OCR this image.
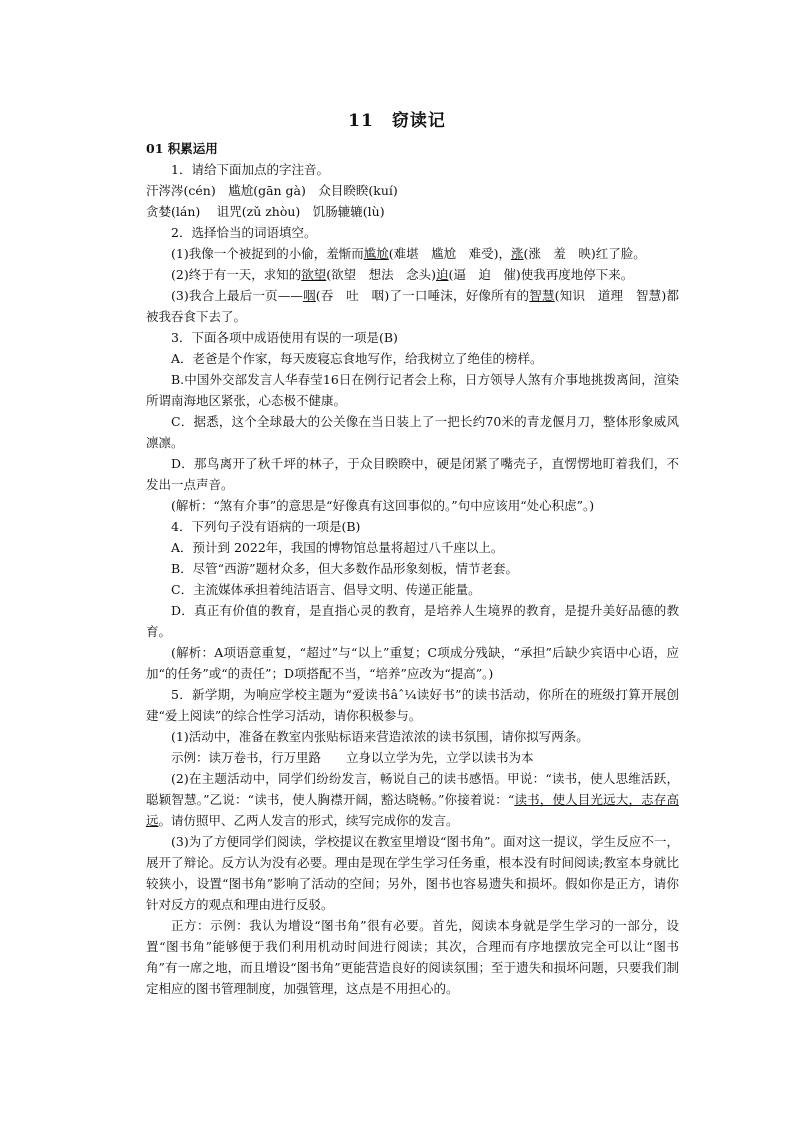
11　窃读记

01 积累运用

1．请给下面加点的字注音。

汗涔涔(cén)　尴尬(gān gà)　众目睽睽(kuí)

贪婪(lán)　 诅咒(zǔ zhòu)　饥肠辘辘(lù)

2．选择恰当的词语填空。

(1)我像一个被捉到的小偷，羞惭而尴尬(难堪　尴尬　难受)，涨(涨　羞　映)红了脸。

(2)终于有一天，求知的欲望(欲望　想法　念头)迫(逼　迫　催)使我再度地停下来。

(3)我合上最后一页——咽(吞　吐　咽)了一口唾沫，好像所有的智慧(知识　道理　智慧)都被我吞食下去了。

3．下面各项中成语使用有误的一项是(B)

A．老爸是个作家，每天废寝忘食地写作，给我树立了绝佳的榜样。

B.中国外交部发言人华春莹16日在例行记者会上称，日方领导人煞有介事地挑拨离间，渲染所谓南海地区紧张，心态极不健康。

C．据悉，这个全球最大的公关像在当日装上了一把长约70米的青龙偃月刀，整体形象威风凛凛。

D．那鸟离开了秋千坪的林子，于众目睽睽中，硬是闭紧了嘴壳子，直愣愣地盯着我们，不发出一点声音。

(解析：“煞有介事”的意思是“好像真有这回事似的。”句中应该用“处心积虑”。)

4．下列句子没有语病的一项是(B)

A．预计到 2022年，我国的博物馆总量将超过八千座以上。

B．尽管“西游”题材众多，但大多数作品形象刻板，情节老套。

C．主流媒体承担着纯洁语言、倡导文明、传递正能量。

D．真正有价值的教育，是直指心灵的教育，是培养人生境界的教育，是提升美好品德的教育。

(解析：A项语意重复，“超过”与“以上”重复；C项成分残缺，“承担”后缺少宾语中心语，应加“的任务”或“的责任”；D项搭配不当，“培养”应改为“提高”。)

5．新学期，为响应学校主题为“爱读书âˆ¼读好书”的读书活动，你所在的班级打算开展创建“爱上阅读”的综合性学习活动，请你积极参与。

(1)活动中，准备在教室内张贴标语来营造浓浓的读书氛围，请你拟写两条。

示例：读万卷书，行万里路　　立身以立学为先，立学以读书为本

(2)在主题活动中，同学们纷纷发言，畅说自己的读书感悟。甲说：“读书，使人思维活跃，聪颖智慧。”乙说：“读书，使人胸襟开阔，豁达晓畅。”你接着说：“读书，使人目光远大，志存高远。请仿照甲、乙两人发言的形式，续写完成你的发言。

(3)为了方便同学们阅读，学校提议在教室里增设“图书角”。面对这一提议，学生反应不一，展开了辩论。反方认为没有必要。理由是现在学生学习任务重，根本没有时间阅读;教室本身就比较狭小，设置“图书角”影响了活动的空间；另外，图书也容易遗失和损坏。假如你是正方，请你针对反方的观点和理由进行反驳。

正方：示例：我认为增设“图书角”很有必要。首先，阅读本身就是学生学习的一部分，设置“图书角”能够便于我们利用机动时间进行阅读；其次，合理而有序地摆放完全可以让“图书角”有一席之地，而且增设“图书角”更能营造良好的阅读氛围；至于遗失和损坏问题，只要我们制定相应的图书管理制度，加强管理，这点是不用担心的。
